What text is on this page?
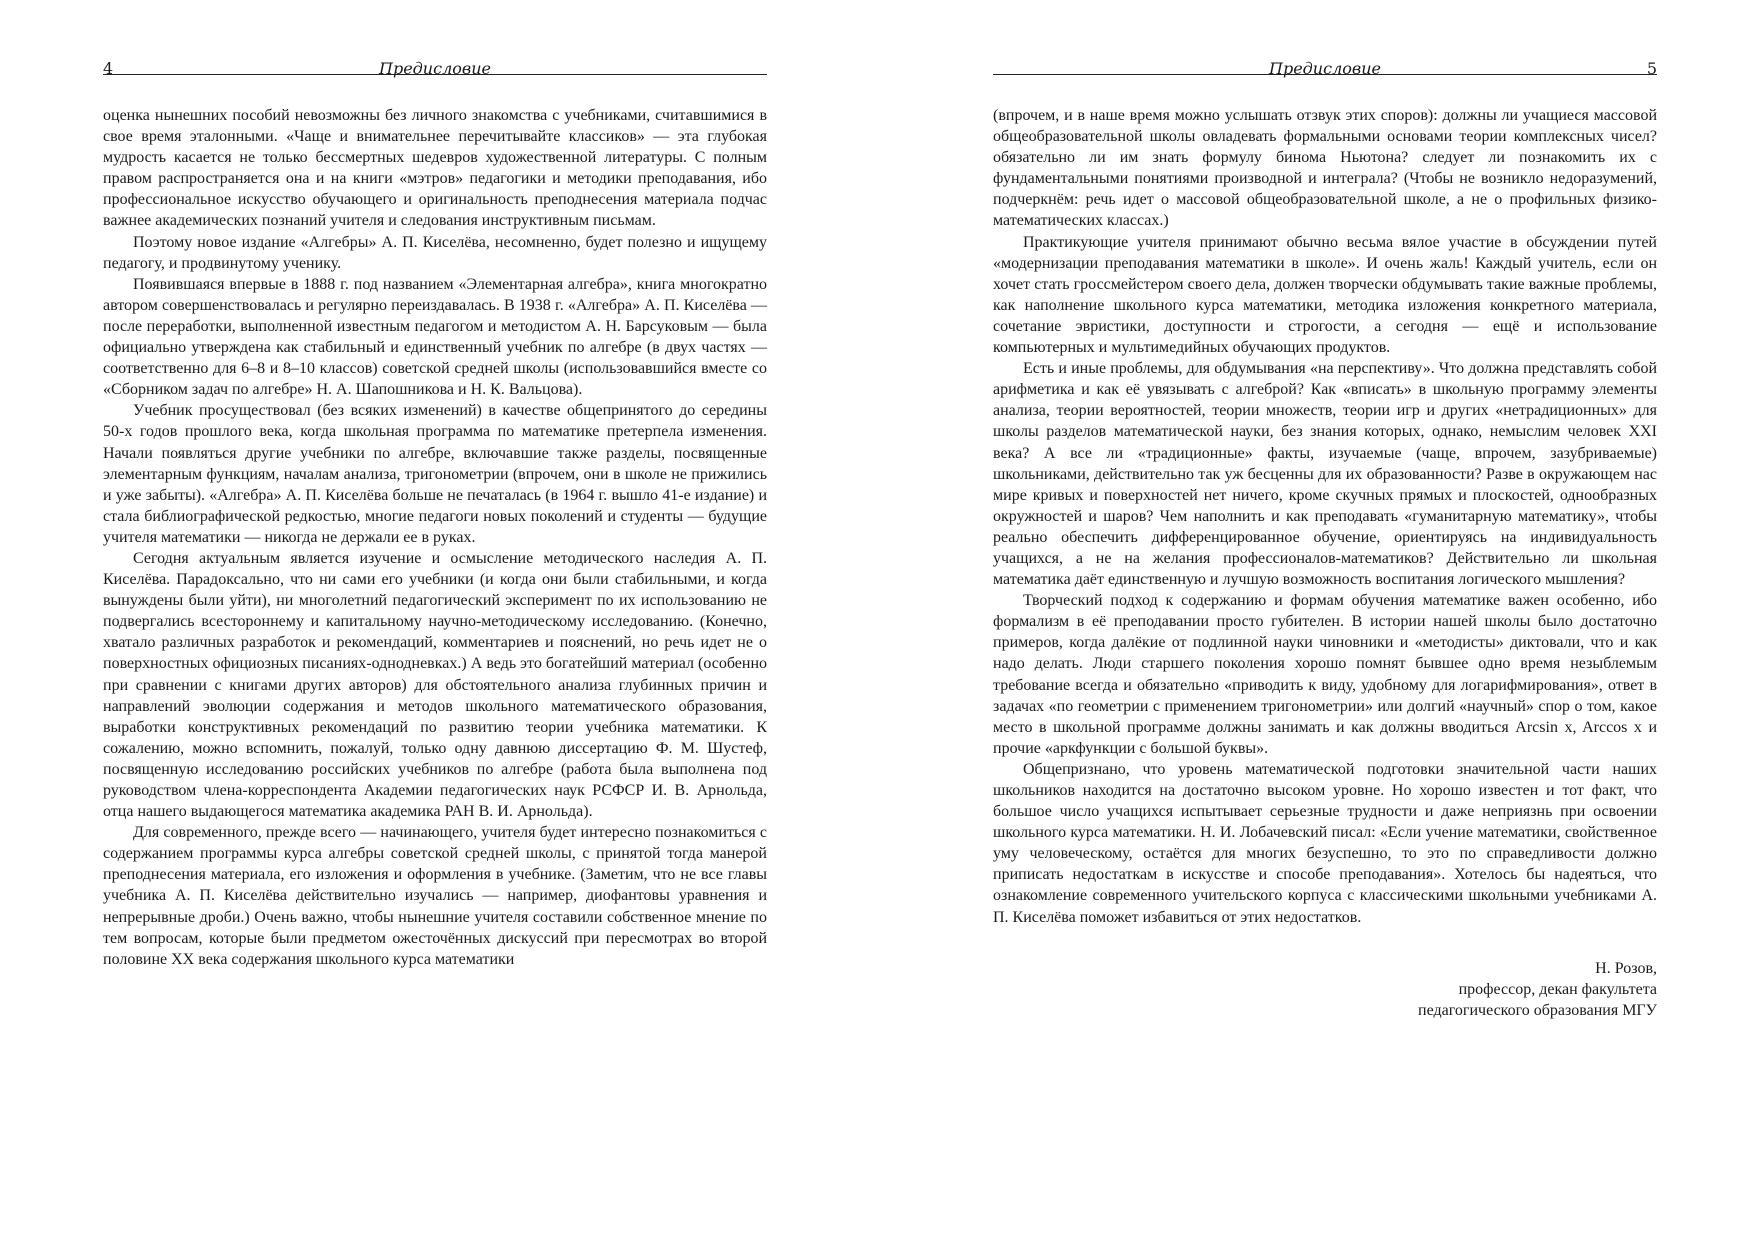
4	Предисловие

оценка нынешних пособий невозможны без личного знакомства с учебниками, считавшимися в свое время эталонными. «Чаще и внимательнее перечитывайте классиков» — эта глубокая мудрость касается не только бессмертных шедевров художественной литературы. С полным правом распространяется она и на книги «мэтров» педагогики и методики преподавания, ибо профессиональное искусство обучающего и оригинальность преподнесения материала подчас важнее академических познаний учителя и следования инструктивным письмам.

Поэтому новое издание «Алгебры» А. П. Киселёва, несомненно, будет полезно и ищущему педагогу, и продвинутому ученику.

Появившаяся впервые в 1888 г. под названием «Элементарная алгебра», книга многократно автором совершенствовалась и регулярно переиздавалась. В 1938 г. «Алгебра» А. П. Киселёва — после переработки, выполненной известным педагогом и методистом А. Н. Барсуковым — была официально утверждена как стабильный и единственный учебник по алгебре (в двух частях — соответственно для 6–8 и 8–10 классов) советской средней школы (использовавшийся вместе со «Сборником задач по алгебре» Н. А. Шапошникова и Н. К. Вальцова).

Учебник просуществовал (без всяких изменений) в качестве общепринятого до середины 50-х годов прошлого века, когда школьная программа по математике претерпела изменения. Начали появляться другие учебники по алгебре, включавшие также разделы, посвященные элементарным функциям, началам анализа, тригонометрии (впрочем, они в школе не прижились и уже забыты). «Алгебра» А. П. Киселёва больше не печаталась (в 1964 г. вышло 41-е издание) и стала библиографической редкостью, многие педагоги новых поколений и студенты — будущие учителя математики — никогда не держали ее в руках.

Сегодня актуальным является изучение и осмысление методического наследия А. П. Киселёва. Парадоксально, что ни сами его учебники (и когда они были стабильными, и когда вынуждены были уйти), ни многолетний педагогический эксперимент по их использованию не подвергались всестороннему и капитальному научно-методическому исследованию. (Конечно, хватало различных разработок и рекомендаций, комментариев и пояснений, но речь идет не о поверхностных официозных писаниях-однодневках.) А ведь это богатейший материал (особенно при сравнении с книгами других авторов) для обстоятельного анализа глубинных причин и направлений эволюции содержания и методов школьного математического образования, выработки конструктивных рекомендаций по развитию теории учебника математики. К сожалению, можно вспомнить, пожалуй, только одну давнюю диссертацию Ф. М. Шустеф, посвященную исследованию российских учебников по алгебре (работа была выполнена под руководством члена-корреспондента Академии педагогических наук РСФСР И. В. Арнольда, отца нашего выдающегося математика академика РАН В. И. Арнольда).

Для современного, прежде всего — начинающего, учителя будет интересно познакомиться с содержанием программы курса алгебры советской средней школы, с принятой тогда манерой преподнесения материала, его изложения и оформления в учебнике. (Заметим, что не все главы учебника А. П. Киселёва действительно изучались — например, диофантовы уравнения и непрерывные дроби.) Очень важно, чтобы нынешние учителя составили собственное мнение по тем вопросам, которые были предметом ожесточённых дискуссий при пересмотрах во второй половине XX века содержания школьного курса математики

Предисловие	5

(впрочем, и в наше время можно услышать отзвук этих споров): должны ли учащиеся массовой общеобразовательной школы овладевать формальными основами теории комплексных чисел? обязательно ли им знать формулу бинома Ньютона? следует ли познакомить их с фундаментальными понятиями производной и интеграла? (Чтобы не возникло недоразумений, подчеркнём: речь идет о массовой общеобразовательной школе, а не о профильных физико-математических классах.)

Практикующие учителя принимают обычно весьма вялое участие в обсуждении путей «модернизации преподавания математики в школе». И очень жаль! Каждый учитель, если он хочет стать гроссмейстером своего дела, должен творчески обдумывать такие важные проблемы, как наполнение школьного курса математики, методика изложения конкретного материала, сочетание эвристики, доступности и строгости, а сегодня — ещё и использование компьютерных и мультимедийных обучающих продуктов.

Есть и иные проблемы, для обдумывания «на перспективу». Что должна представлять собой арифметика и как её увязывать с алгеброй? Как «вписать» в школьную программу элементы анализа, теории вероятностей, теории множеств, теории игр и других «нетрадиционных» для школы разделов математической науки, без знания которых, однако, немыслим человек XXI века? А все ли «традиционные» факты, изучаемые (чаще, впрочем, зазубриваемые) школьниками, действительно так уж бесценны для их образованности? Разве в окружающем нас мире кривых и поверхностей нет ничего, кроме скучных прямых и плоскостей, однообразных окружностей и шаров? Чем наполнить и как преподавать «гуманитарную математику», чтобы реально обеспечить дифференцированное обучение, ориентируясь на индивидуальность учащихся, а не на желания профессионалов-математиков? Действительно ли школьная математика даёт единственную и лучшую возможность воспитания логического мышления?

Творческий подход к содержанию и формам обучения математике важен особенно, ибо формализм в её преподавании просто губителен. В истории нашей школы было достаточно примеров, когда далёкие от подлинной науки чиновники и «методисты» диктовали, что и как надо делать. Люди старшего поколения хорошо помнят бывшее одно время незыблемым требование всегда и обязательно «приводить к виду, удобному для логарифмирования», ответ в задачах «по геометрии с применением тригонометрии» или долгий «научный» спор о том, какое место в школьной программе должны занимать и как должны вводиться Arcsin x, Arccos x и прочие «аркфункции с большой буквы».

Общепризнано, что уровень математической подготовки значительной части наших школьников находится на достаточно высоком уровне. Но хорошо известен и тот факт, что большое число учащихся испытывает серьезные трудности и даже неприязнь при освоении школьного курса математики. Н. И. Лобачевский писал: «Если учение математики, свойственное уму человеческому, остаётся для многих безуспешно, то это по справедливости должно приписать недостаткам в искусстве и способе преподавания». Хотелось бы надеяться, что ознакомление современного учительского корпуса с классическими школьными учебниками А. П. Киселёва поможет избавиться от этих недостатков.

Н. Розов,
профессор, декан факультета
педагогического образования МГУ
